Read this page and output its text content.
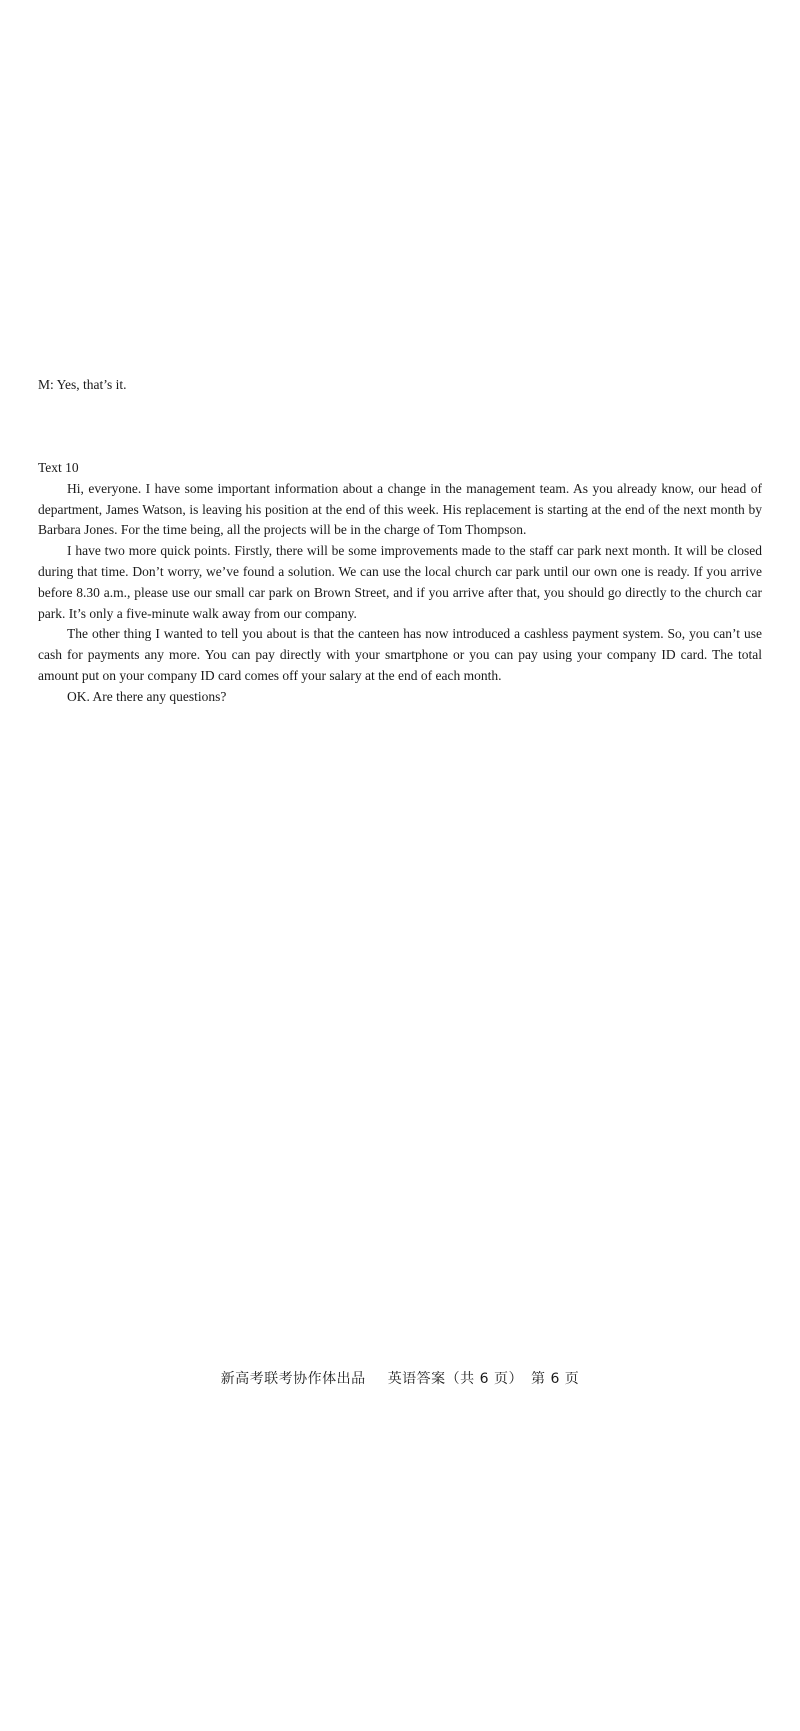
M: Yes, that’s it.

Text 10

Hi, everyone. I have some important information about a change in the management team. As you already know, our head of department, James Watson, is leaving his position at the end of this week. His replacement is starting at the end of the next month by Barbara Jones. For the time being, all the projects will be in the charge of Tom Thompson.

I have two more quick points. Firstly, there will be some improvements made to the staff car park next month. It will be closed during that time. Don’t worry, we’ve found a solution. We can use the local church car park until our own one is ready. If you arrive before 8.30 a.m., please use our small car park on Brown Street, and if you arrive after that, you should go directly to the church car park. It’s only a five-minute walk away from our company.

The other thing I wanted to tell you about is that the canteen has now introduced a cashless payment system. So, you can’t use cash for payments any more. You can pay directly with your smartphone or you can pay using your company ID card. The total amount put on your company ID card comes off your salary at the end of each month.

OK. Are there any questions?

新高考联考协作体出品 英语答案（共 6 页） 第 6 页
